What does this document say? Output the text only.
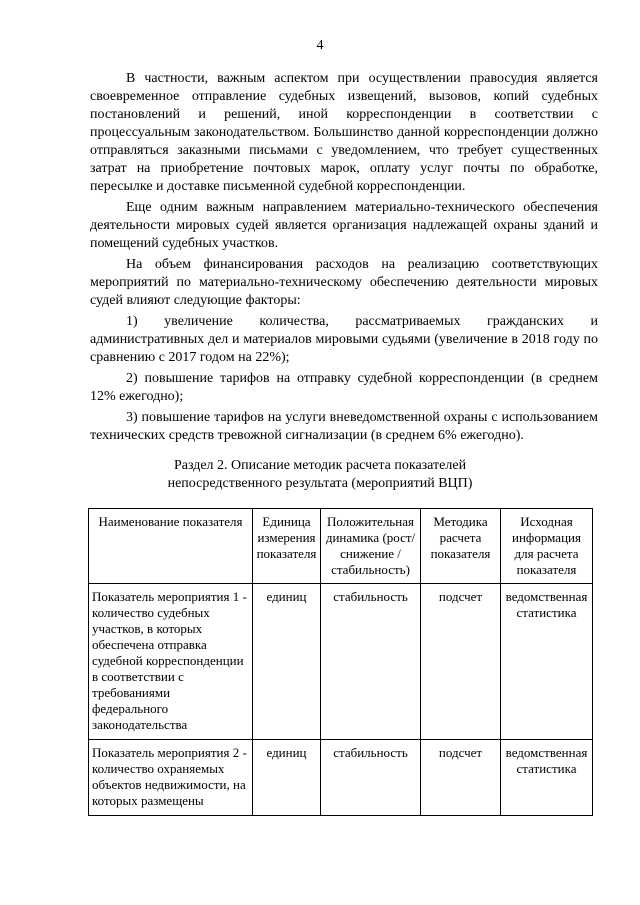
4

В частности, важным аспектом при осуществлении правосудия является своевременное отправление судебных извещений, вызовов, копий судебных постановлений и решений, иной корреспонденции в соответствии с процессуальным законодательством. Большинство данной корреспонденции должно отправляться заказными письмами с уведомлением, что требует существенных затрат на приобретение почтовых марок, оплату услуг почты по обработке, пересылке и доставке письменной судебной корреспонденции.

Еще одним важным направлением материально-технического обеспечения деятельности мировых судей является организация надлежащей охраны зданий и помещений судебных участков.

На объем финансирования расходов на реализацию соответствующих мероприятий по материально-техническому обеспечению деятельности мировых судей влияют следующие факторы:

1) увеличение количества, рассматриваемых гражданских и административных дел и материалов мировыми судьями (увеличение в 2018 году по сравнению с 2017 годом на 22%);

2) повышение тарифов на отправку судебной корреспонденции (в среднем 12% ежегодно);

3) повышение тарифов на услуги вневедомственной охраны с использованием технических средств тревожной сигнализации (в среднем 6% ежегодно).

Раздел 2. Описание методик расчета показателей
непосредственного результата (мероприятий ВЦП)
Наименование показателя	Единица измерения показателя	Положительная динамика (рост/снижение / стабильность)	Методика расчета показателя	Исходная информация для расчета показателя
Показатель мероприятия 1 - количество судебных участков, в которых обеспечена отправка судебной корреспонденции в соответствии с требованиями федерального законодательства	единиц	стабильность	подсчет	ведомственная статистика
Показатель мероприятия 2 - количество охраняемых объектов недвижимости, на которых размещены	единиц	стабильность	подсчет	ведомственная статистика
